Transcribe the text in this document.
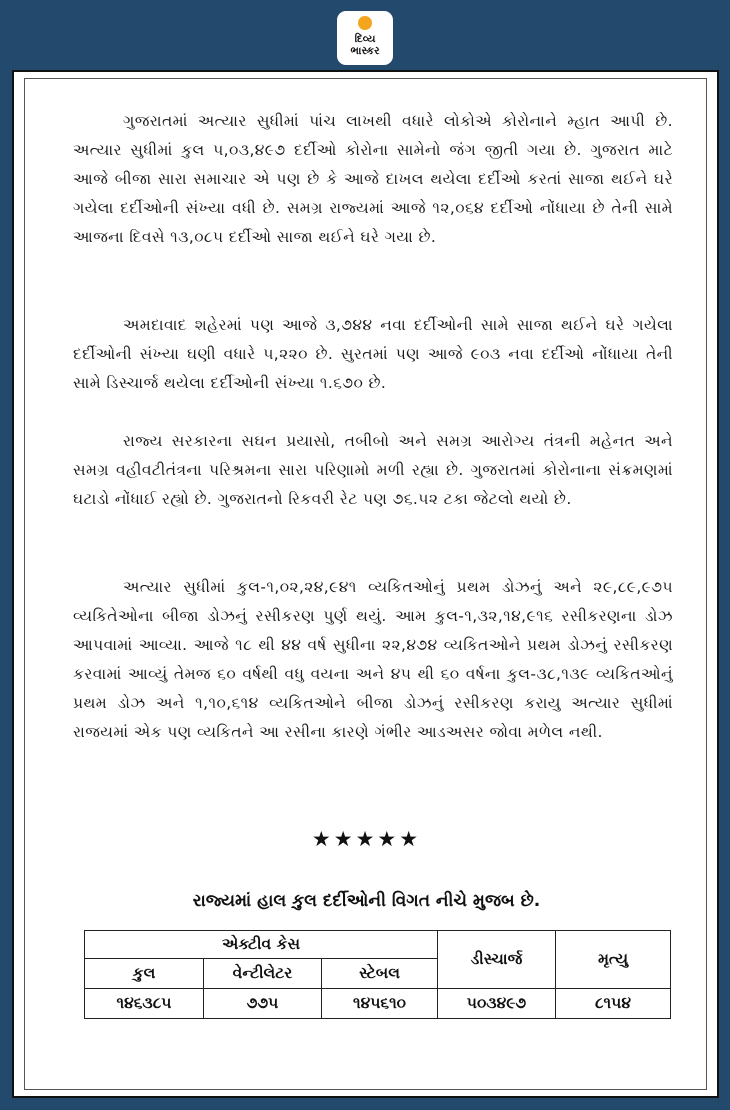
દિવ્ય
ભાસ્કર

ગુજરાતમાં અત્યાર સુધીમાં પાંચ લાખથી વધારે લોકોએ કોરોનાને મ્હાત આપી છે. અત્યાર સુધીમાં કુલ ૫,૦૩,૪૯૭ દર્દીઓ કોરોના સામેનો જંગ જીતી ગયા છે. ગુજરાત માટે આજે બીજા સારા સમાચાર એ પણ છે કે આજે દાખલ થયેલા દર્દીઓ કરતાં સાજા થઈને ઘરે ગયેલા દર્દીઓની સંખ્યા વધી છે. સમગ્ર રાજ્યમાં આજે ૧૨,૦૬૪ દર્દીઓ નોંધાયા છે તેની સામે આજના દિવસે ૧૩,૦૮૫ દર્દીઓ સાજા થઈને ઘરે ગયા છે.

અમદાવાદ શહેરમાં પણ આજે ૩,૭૪૪ નવા દર્દીઓની સામે સાજા થઈને ઘરે ગયેલા દર્દીઓની સંખ્યા ઘણી વધારે ૫,૨૨૦ છે. સુરતમાં પણ આજે ૯૦૩ નવા દર્દીઓ નોંધાયા તેની સામે ડિસ્ચાર્જ થયેલા દર્દીઓની સંખ્યા ૧.૬૭૦ છે.

રાજ્ય સરકારના સઘન પ્રયાસો, તબીબો અને સમગ્ર આરોગ્ય તંત્રની મહેનત અને સમગ્ર વહીવટીતંત્રના પરિશ્રમના સારા પરિણામો મળી રહ્યા છે. ગુજરાતમાં કોરોનાના સંક્રમણમાં ઘટાડો નોંધાઈ રહ્યો છે. ગુજરાતનો રિકવરી રેટ પણ ૭૬.૫૨ ટકા જેટલો થયો છે.

અત્યાર સુધીમાં કુલ-૧,૦૨,૨૪,૯૪૧ વ્યકિતઓનું પ્રથમ ડોઝનું અને ૨૯,૮૯,૯૭૫ વ્યકિતેઓના બીજા ડોઝનું રસીકરણ પુર્ણ થયું. આમ કુલ-૧,૩૨,૧૪,૯૧૬ રસીકરણના ડોઝ આપવામાં આવ્યા. આજે ૧૮ થી ૪૪ વર્ષ સુધીના ૨૨,૪૭૪ વ્યકિતઓને પ્રથમ ડોઝનું રસીકરણ કરવામાં આવ્યું તેમજ ૬૦ વર્ષથી વધુ વયના અને ૪૫ થી ૬૦ વર્ષના કુલ-૩૮,૧૩૯ વ્યકિતઓનું પ્રથમ ડોઝ અને ૧,૧૦,૬૧૪ વ્યકિતઓને બીજા ડોઝનું રસીકરણ કરાયુ અત્યાર સુધીમાં રાજયમાં એક પણ વ્યકિતને આ રસીના કારણે ગંભીર આડઅસર જોવા મળેલ નથી.

★★★★★
રાજ્યમાં હાલ કુલ દર્દીઓની વિગત નીચે મુજબ છે.
એક્ટીવ કેસ			ડીસ્ચાર્જ	મૃત્યુ
કુલ	વેન્ટીલેટર	સ્ટેબલ		
૧૪૬૩૮૫	૭૭૫	૧૪૫૬૧૦	૫૦૩૪૯૭	૮૧૫૪
